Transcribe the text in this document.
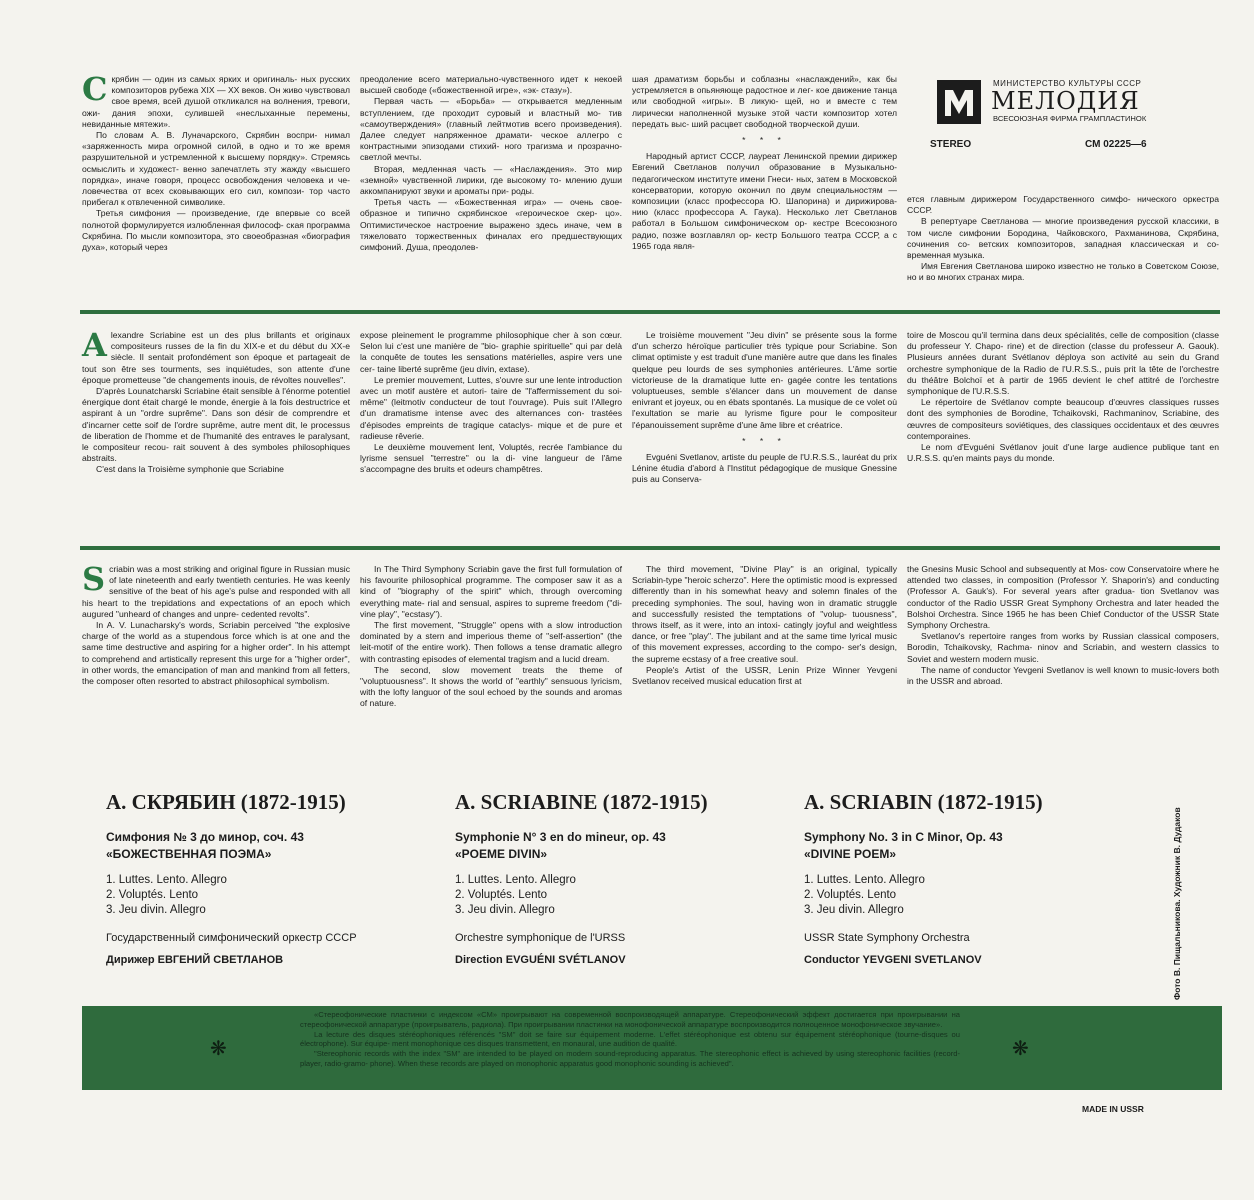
МИНИСТЕРСТВО КУЛЬТУРЫ СССР
МЕЛОДИЯ
ВСЕСОЮЗНАЯ ФИРМА ГРАМПЛАСТИНОК
STEREO	СМ 02225—6
С крябин — один из самых ярких и оригиналь- ных русских композиторов рубежа XIX — XX веков. Он живо чувствовал свое время, всей душой откликался на волнения, тревоги, ожи- дания эпохи, сулившей «неслыханные перемены, невиданные мятежи».

По словам А. В. Луначарского, Скрябин воспри- нимал «заряженность мира огромной силой, в одно и то же время разрушительной и устремленной к высшему порядку». Стремясь осмыслить и художест- венно запечатлеть эту жажду «высшего порядка», иначе говоря, процесс освобождения человека и че- ловечества от всех сковывающих его сил, компози- тор часто прибегал к отвлеченной символике.

Третья симфония — произведение, где впервые со всей полнотой формулируется излюбленная философ- ская программа Скрябина. По мысли композитора, это своеобразная «биография духа», который через

преодоление всего материально-чувственного идет к некоей высшей свободе («божественной игре», «эк- стазу»).

Первая часть — «Борьба» — открывается медленным вступлением, где проходит суровый и властный мо- тив «самоутверждения» (главный лейтмотив всего произведения). Далее следует напряженное драмати- ческое аллегро с контрастными эпизодами стихий- ного трагизма и прозрачно-светлой мечты.

Вторая, медленная часть — «Наслаждения». Это мир «земной» чувственной лирики, где высокому то- млению души аккомпанируют звуки и ароматы при- роды.

Третья часть — «Божественная игра» — очень свое- образное и типично скрябинское «героическое скер- цо». Оптимистическое настроение выражено здесь иначе, чем в тяжеловато торжественных финалах его предшествующих симфоний. Душа, преодолев-

шая драматизм борьбы и соблазны «наслаждений», как бы устремляется в опьяняюще радостное и лег- кое движение танца или свободной «игры». В ликую- щей, но и вместе с тем лирически наполненной музыке этой части композитор хотел передать выс- ший расцвет свободной творческой души.

* * *

Народный артист СССР, лауреат Ленинской премии дирижер Евгений Светланов получил образование в Музыкально-педагогическом институте имени Гнеси- ных, затем в Московской консерватории, которую окончил по двум специальностям — композиции (класс профессора Ю. Шапорина) и дирижирова- нию (класс профессора А. Гаука). Несколько лет Светланов работал в Большом симфоническом ор- кестре Всесоюзного радио, позже возглавлял ор- кестр Большого театра СССР, а с 1965 года явля-

ется главным дирижером Государственного симфо- нического оркестра СССР.

В репертуаре Светланова — многие произведения русской классики, в том числе симфонии Бородина, Чайковского, Рахманинова, Скрябина, сочинения со- ветских композиторов, западная классическая и со- временная музыка.

Имя Евгения Светланова широко известно не только в Советском Союзе, но и во многих странах мира.

A lexandre Scriabine est un des plus brillants et originaux compositeurs russes de la fin du XIX-e et du début du XX-e siècle. Il sentait profondément son époque et partageait de tout son être ses tourments, ses inquiétudes, son attente d'une époque prometteuse "de changements inouis, de révoltes nouvelles".

D'après Lounatcharski Scriabine était sensible à l'énorme potentiel énergique dont était chargé le monde, énergie à la fois destructrice et aspirant à un "ordre suprême". Dans son désir de comprendre et d'incarner cette soif de l'ordre suprême, autre ment dit, le processus de liberation de l'homme et de l'humanité des entraves le paralysant, le compositeur recou- rait souvent à des symboles philosophiques abstraits.

C'est dans la Troisième symphonie que Scriabine

expose pleinement le programme philosophique cher à son cœur. Selon lui c'est une manière de "bio- graphie spirituelle" qui par delà la conquête de toutes les sensations matérielles, aspire vers une cer- taine liberté suprême (jeu divin, extase).

Le premier mouvement, Luttes, s'ouvre sur une lente introduction avec un motif austère et autori- taire de "l'affermissement du soi-même" (leitmotiv conducteur de tout l'ouvrage). Puis suit l'Allegro d'un dramatisme intense avec des alternances con- trastées d'épisodes empreints de tragique cataclys- mique et de pure et radieuse rêverie.

Le deuxième mouvement lent, Voluptés, recrée l'ambiance du lyrisme sensuel "terrestre" ou la di- vine langueur de l'âme s'accompagne des bruits et odeurs champêtres.

Le troisième mouvement "Jeu divin" se présente sous la forme d'un scherzo héroïque particulier très typique pour Scriabine. Son climat optimiste y est traduit d'une manière autre que dans les finales quelque peu lourds de ses symphonies antérieures. L'âme sortie victorieuse de la dramatique lutte en- gagée contre les tentations voluptueuses, semble s'élancer dans un mouvement de danse enivrant et joyeux, ou en ébats spontanés. La musique de ce volet où l'exultation se marie au lyrisme figure pour le compositeur l'épanouissement suprême d'une âme libre et créatrice.

* * *

Evguéni Svetlanov, artiste du peuple de l'U.R.S.S., lauréat du prix Lénine étudia d'abord à l'Institut pédagogique de musique Gnessine puis au Conserva-

toire de Moscou qu'il termina dans deux spécialités, celle de composition (classe du professeur Y. Chapo- rine) et de direction (classe du professeur A. Gaouk). Plusieurs années durant Svétlanov déploya son activité au sein du Grand orchestre symphonique de la Radio de l'U.R.S.S., puis prit la tête de l'orchestre du théâtre Bolchoï et à partir de 1965 devient le chef attitré de l'orchestre symphonique de l'U.R.S.S.

Le répertoire de Svétlanov compte beaucoup d'œuvres classiques russes dont des symphonies de Borodine, Tchaikovski, Rachmaninov, Scriabine, des œuvres de compositeurs soviétiques, des classiques occidentaux et des œuvres contemporaines.

Le nom d'Evguéni Svétlanov jouit d'une large audience publique tant en U.R.S.S. qu'en maints pays du monde.

S criabin was a most striking and original figure in Russian music of late nineteenth and early twentieth centuries. He was keenly sensitive of the beat of his age's pulse and responded with all his heart to the trepidations and expectations of an epoch which augured "unheard of changes and unpre- cedented revolts".

In A. V. Lunacharsky's words, Scriabin perceived "the explosive charge of the world as a stupendous force which is at one and the same time destructive and aspiring for a higher order". In his attempt to comprehend and artistically represent this urge for a "higher order", in other words, the emancipation of man and mankind from all fetters, the composer often resorted to abstract philosophical symbolism.

In The Third Symphony Scriabin gave the first full formulation of his favourite philosophical programme. The composer saw it as a kind of "biography of the spirit" which, through overcoming everything mate- rial and sensual, aspires to supreme freedom ("di- vine play", "ecstasy").

The first movement, "Struggle" opens with a slow introduction dominated by a stern and imperious theme of "self-assertion" (the leit-motif of the entire work). Then follows a tense dramatic allegro with contrasting episodes of elemental tragism and a lucid dream.

The second, slow movement treats the theme of "voluptuousness". It shows the world of "earthly" sensuous lyricism, with the lofty languor of the soul echoed by the sounds and aromas of nature.

The third movement, "Divine Play" is an original, typically Scriabin-type "heroic scherzo". Here the optimistic mood is expressed differently than in his somewhat heavy and solemn finales of the preceding symphonies. The soul, having won in dramatic struggle and successfully resisted the temptations of "volup- tuousness", throws itself, as it were, into an intoxi- catingly joyful and weightless dance, or free "play". The jubilant and at the same time lyrical music of this movement expresses, according to the compo- ser's design, the supreme ecstasy of a free creative soul.

People's Artist of the USSR, Lenin Prize Winner Yevgeni Svetlanov received musical education first at

the Gnesins Music School and subsequently at Mos- cow Conservatoire where he attended two classes, in composition (Professor Y. Shaporin's) and conducting (Professor A. Gauk's). For several years after gradua- tion Svetlanov was conductor of the Radio USSR Great Symphony Orchestra and later headed the Bolshoi Orchestra. Since 1965 he has been Chief Conductor of the USSR State Symphony Orchestra.

Svetlanov's repertoire ranges from works by Russian classical composers, Borodin, Tchaikovsky, Rachma- ninov and Scriabin, and western classics to Soviet and western modern music.

The name of conductor Yevgeni Svetlanov is well known to music-lovers both in the USSR and abroad.

А. СКРЯБИН (1872-1915)
Симфония № 3 до минор, соч. 43
«БОЖЕСТВЕННАЯ ПОЭМА»
1. Luttes. Lento. Allegro
2. Voluptés. Lento
3. Jeu divin. Allegro
Государственный симфонический оркестр СССР
Дирижер ЕВГЕНИЙ СВЕТЛАНОВ
A. SCRIABINE (1872-1915)
Symphonie N° 3 en do mineur, op. 43
«POEME DIVIN»
1. Luttes. Lento. Allegro
2. Voluptés. Lento
3. Jeu divin. Allegro
Orchestre symphonique de l'URSS
Direction EVGUÉNI SVÉTLANOV
A. SCRIABIN (1872-1915)
Symphony No. 3 in C Minor, Op. 43
«DIVINE POEM»
1. Luttes. Lento. Allegro
2. Voluptés. Lento
3. Jeu divin. Allegro
USSR State Symphony Orchestra
Conductor YEVGENI SVETLANOV	Фото В. Пищальникова. Художник В. Дудаков
❋	❋

«Стереофонические пластинки с индексом «СМ» проигрывают на современной воспроизводящей аппаратуре. Стереофонический эффект достигается при проигрывании на стереофонической аппаратуре (проигрыватель, радиола). При проигрывании пластинки на монофонической аппаратуре воспроизводится полноценное монофоническое звучание».

La lecture des disques stéréophoniques référencés "SM" doit se faire sur équipement moderne. L'effet stéréophonique est obtenu sur équipement stéréophonique (tourne-disques ou électrophone). Sur équipe- ment monophonique ces disques transmettent, en monaural, une audition de qualité.

"Stereophonic records with the index "SM" are intended to be played on modern sound-reproducing apparatus. The stereophonic effect is achieved by using stereophonic facilities (record-player, radio-gramo- phone). When these records are played on monophonic apparatus good monophonic sounding is achieved".

MADE IN USSR
